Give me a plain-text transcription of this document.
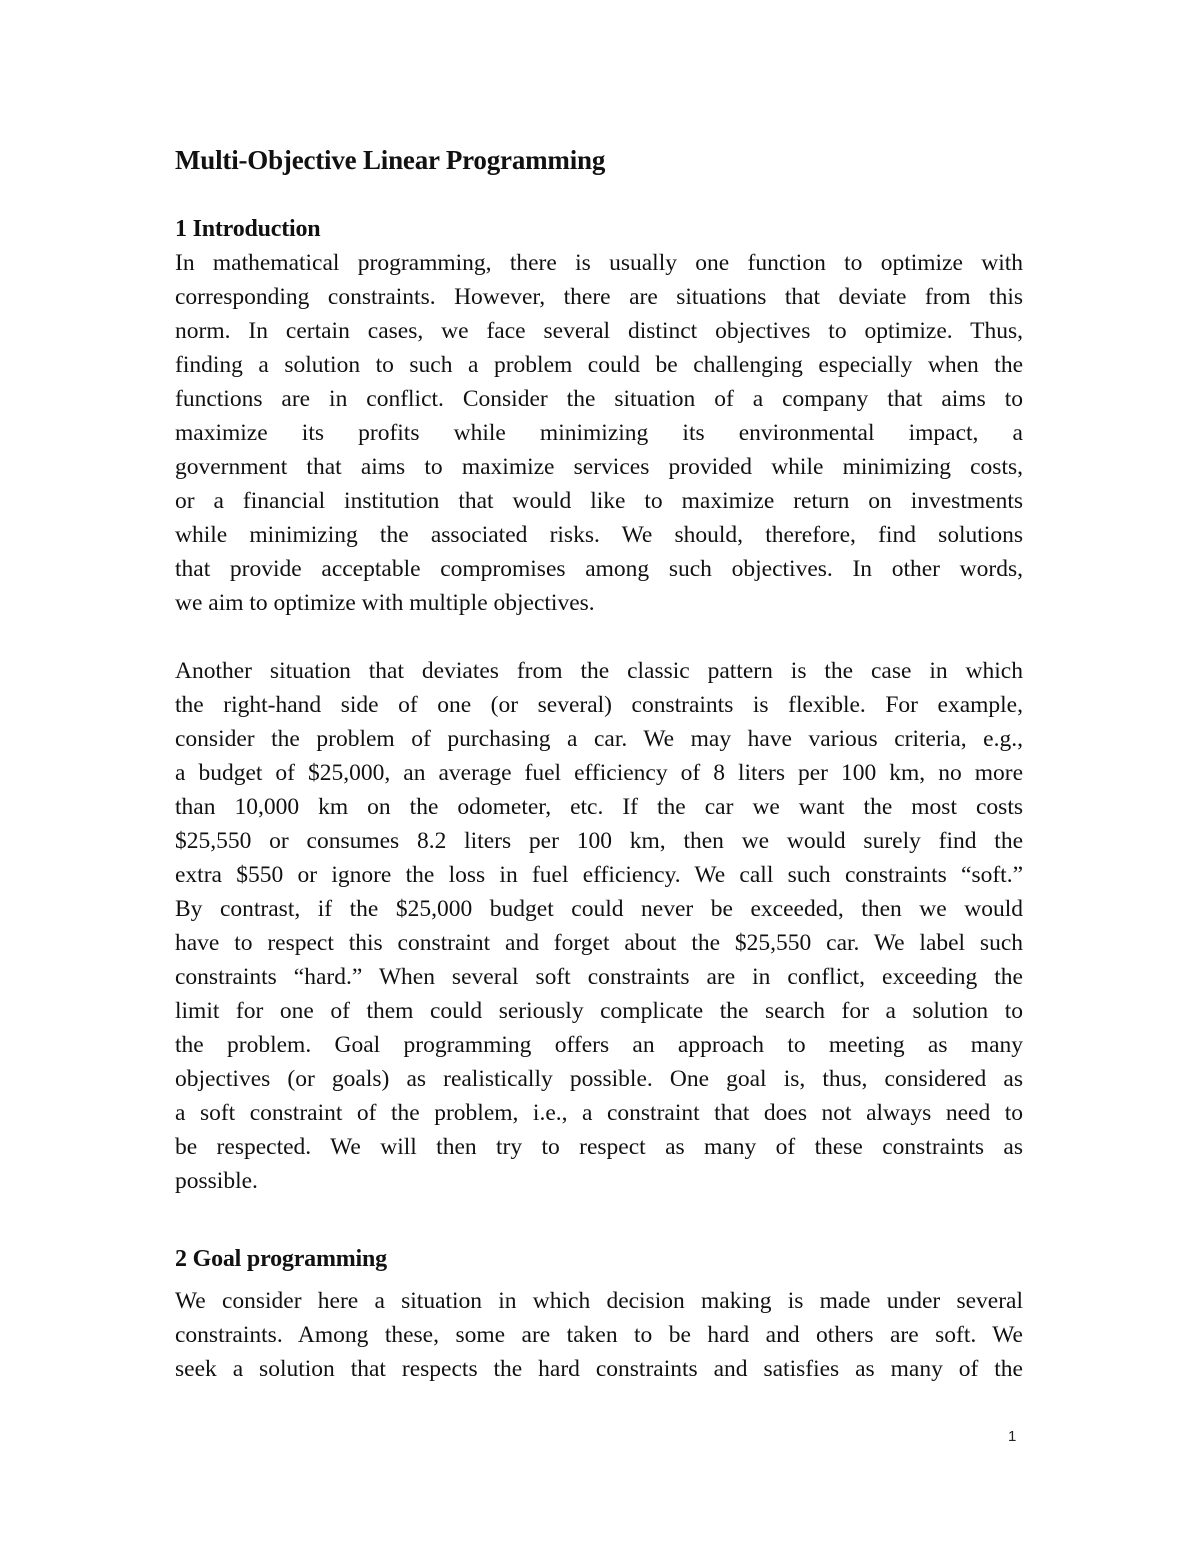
Multi-Objective Linear Programming
1 Introduction

In mathematical programming, there is usually one function to optimize with
corresponding constraints. However, there are situations that deviate from this
norm. In certain cases, we face several distinct objectives to optimize. Thus,
finding a solution to such a problem could be challenging especially when the
functions are in conflict. Consider the situation of a company that aims to
maximize its profits while minimizing its environmental impact, a
government that aims to maximize services provided while minimizing costs,
or a financial institution that would like to maximize return on investments
while minimizing the associated risks. We should, therefore, find solutions
that provide acceptable compromises among such objectives. In other words,
we aim to optimize with multiple objectives.

Another situation that deviates from the classic pattern is the case in which
the right-hand side of one (or several) constraints is flexible. For example,
consider the problem of purchasing a car. We may have various criteria, e.g.,
a budget of $25,000, an average fuel efficiency of 8 liters per 100 km, no more
than 10,000 km on the odometer, etc. If the car we want the most costs
$25,550 or consumes 8.2 liters per 100 km, then we would surely find the
extra $550 or ignore the loss in fuel efficiency. We call such constraints “soft.”
By contrast, if the $25,000 budget could never be exceeded, then we would
have to respect this constraint and forget about the $25,550 car. We label such
constraints “hard.” When several soft constraints are in conflict, exceeding the
limit for one of them could seriously complicate the search for a solution to
the problem. Goal programming offers an approach to meeting as many
objectives (or goals) as realistically possible. One goal is, thus, considered as
a soft constraint of the problem, i.e., a constraint that does not always need to
be respected. We will then try to respect as many of these constraints as
possible.

2 Goal programming

We consider here a situation in which decision making is made under several
constraints. Among these, some are taken to be hard and others are soft. We
seek a solution that respects the hard constraints and satisfies as many of the

1
